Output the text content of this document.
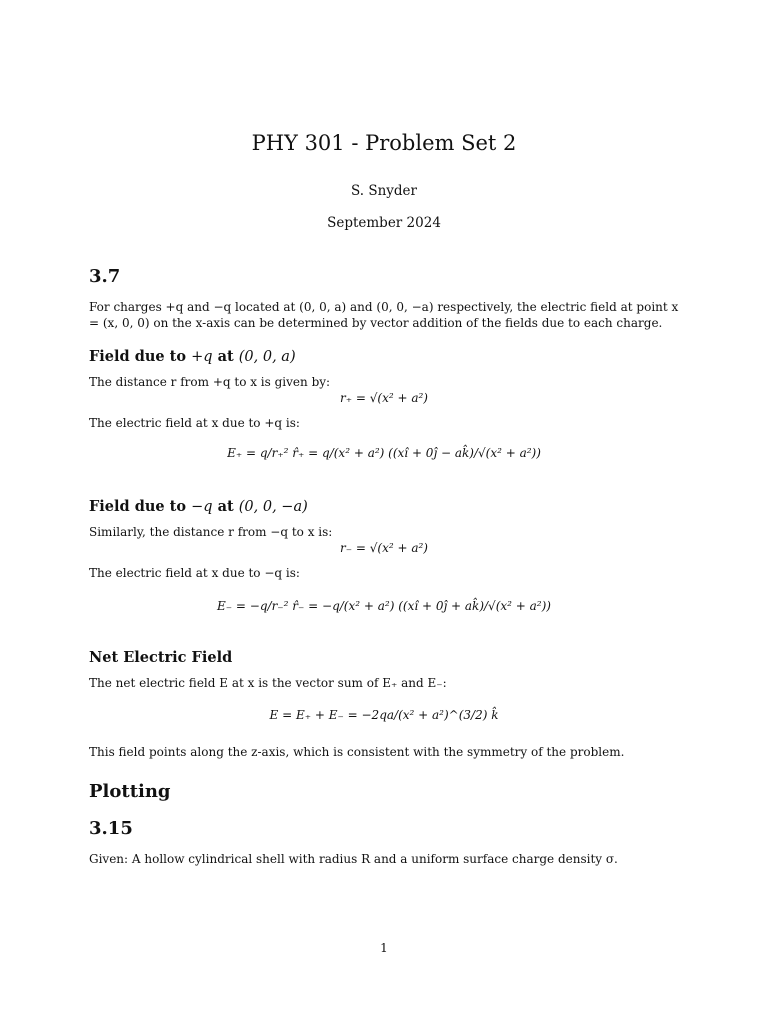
PHY 301 - Problem Set 2
S. Snyder
September 2024
3.7
For charges +q and −q located at (0, 0, a) and (0, 0, −a) respectively, the electric field at point x = (x, 0, 0) on the x-axis can be determined by vector addition of the fields due to each charge.
Field due to +q at (0, 0, a)
The distance r from +q to x is given by:
r₊ = √(x² + a²)
The electric field at x due to +q is:
E₊ = q/r₊² r̂₊ = q/(x² + a²) ((xî + 0ĵ − ak̂)/√(x² + a²))
Field due to −q at (0, 0, −a)
Similarly, the distance r from −q to x is:
r₋ = √(x² + a²)
The electric field at x due to −q is:
E₋ = −q/r₋² r̂₋ = −q/(x² + a²) ((xî + 0ĵ + ak̂)/√(x² + a²))
Net Electric Field
The net electric field E at x is the vector sum of E₊ and E₋:
E = E₊ + E₋ = −2qa/(x² + a²)^(3/2) k̂
This field points along the z-axis, which is consistent with the symmetry of the problem.
Plotting
3.15
Given: A hollow cylindrical shell with radius R and a uniform surface charge density σ.
1
